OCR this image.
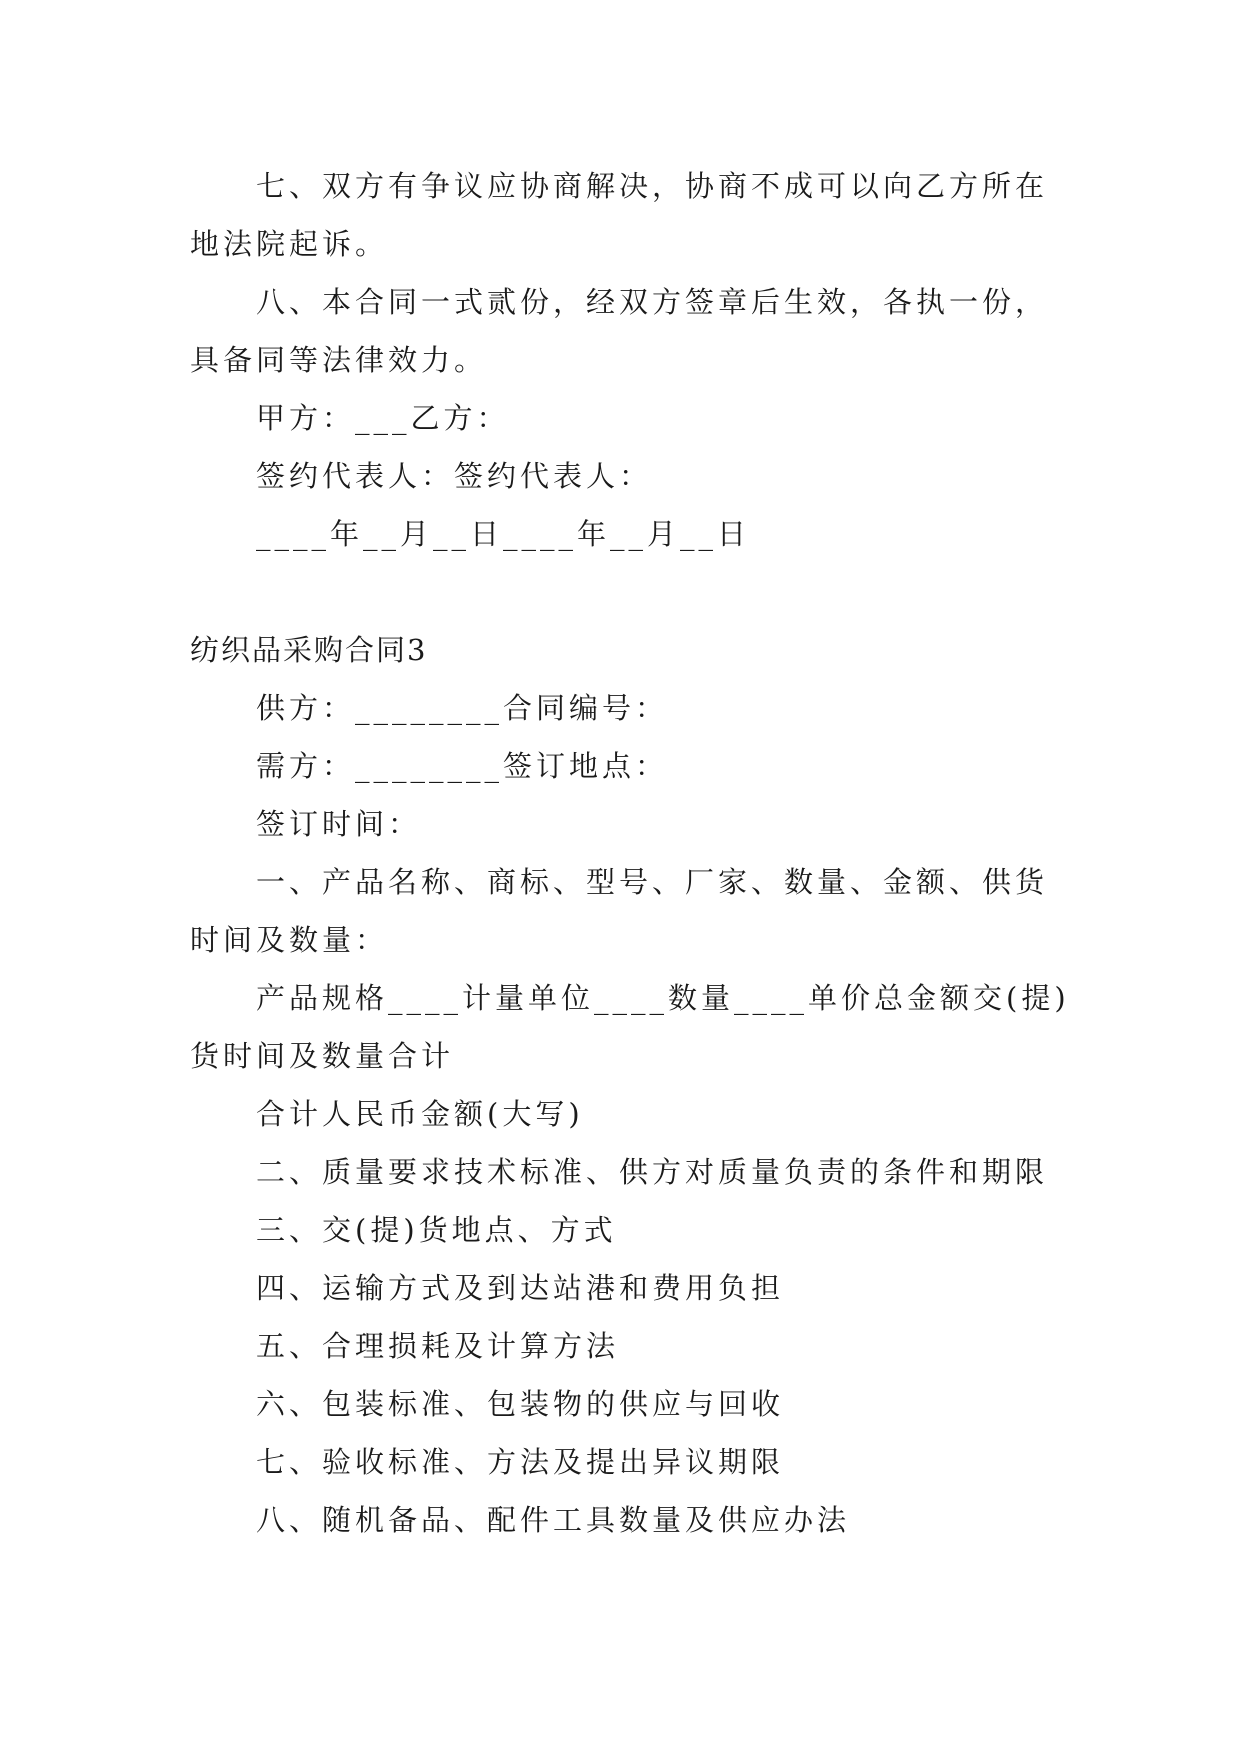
七、双方有争议应协商解决，协商不成可以向乙方所在
地法院起诉。
八、本合同一式贰份，经双方签章后生效，各执一份，
具备同等法律效力。
甲方：___乙方：
签约代表人：签约代表人：
____年__月__日____年__月__日
纺织品采购合同3
供方：________合同编号：
需方：________签订地点：
签订时间：
一、产品名称、商标、型号、厂家、数量、金额、供货
时间及数量：
产品规格____计量单位____数量____单价总金额交(提)
货时间及数量合计
合计人民币金额(大写)
二、质量要求技术标准、供方对质量负责的条件和期限
三、交(提)货地点、方式
四、运输方式及到达站港和费用负担
五、合理损耗及计算方法
六、包装标准、包装物的供应与回收
七、验收标准、方法及提出异议期限
八、随机备品、配件工具数量及供应办法
